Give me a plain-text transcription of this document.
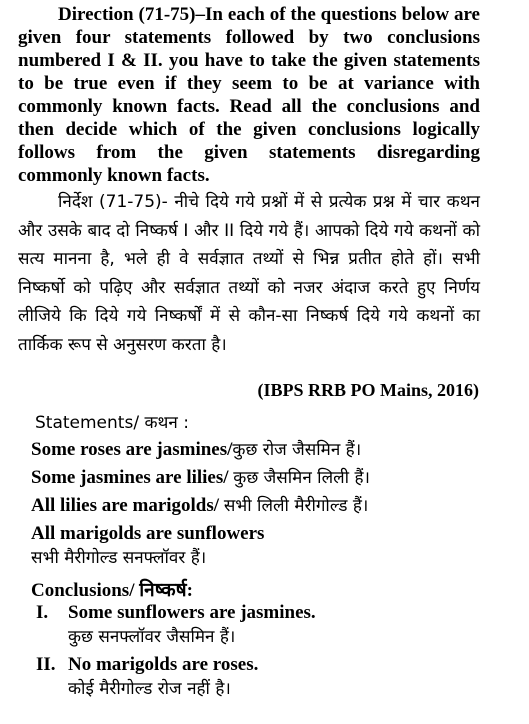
Direction (71-75)–In each of the questions below are given four statements followed by two conclusions numbered I & II. you have to take the given statements to be true even if they seem to be at variance with commonly known facts. Read all the conclusions and then decide which of the given conclusions logically follows from the given statements disregarding commonly known facts.
निर्देश (71-75)- नीचे दिये गये प्रश्नों में से प्रत्येक प्रश्न में चार कथन और उसके बाद दो निष्कर्ष I और II दिये गये हैं। आपको दिये गये कथनों को सत्य मानना है, भले ही वे सर्वज्ञात तथ्यों से भिन्न प्रतीत होते हों। सभी निष्कर्षो को पढ़िए और सर्वज्ञात तथ्यों को नजर अंदाज करते हुए निर्णय लीजिये कि दिये गये निष्कर्षों में से कौन-सा निष्कर्ष दिये गये कथनों का तार्किक रूप से अनुसरण करता है।
(IBPS RRB PO Mains, 2016)
Statements/ कथन :
Some roses are jasmines/कुछ रोज जैसमिन हैं।
Some jasmines are lilies/ कुछ जैसमिन लिली हैं।
All lilies are marigolds/ सभी लिली मैरीगोल्ड हैं।
All marigolds are sunflowers
सभी मैरीगोल्ड सनफ्लॉवर हैं।
Conclusions/ निष्कर्ष:
I. Some sunflowers are jasmines.
कुछ सनफ्लॉवर जैसमिन हैं।
II. No marigolds are roses.
कोई मैरीगोल्ड रोज नहीं है।
